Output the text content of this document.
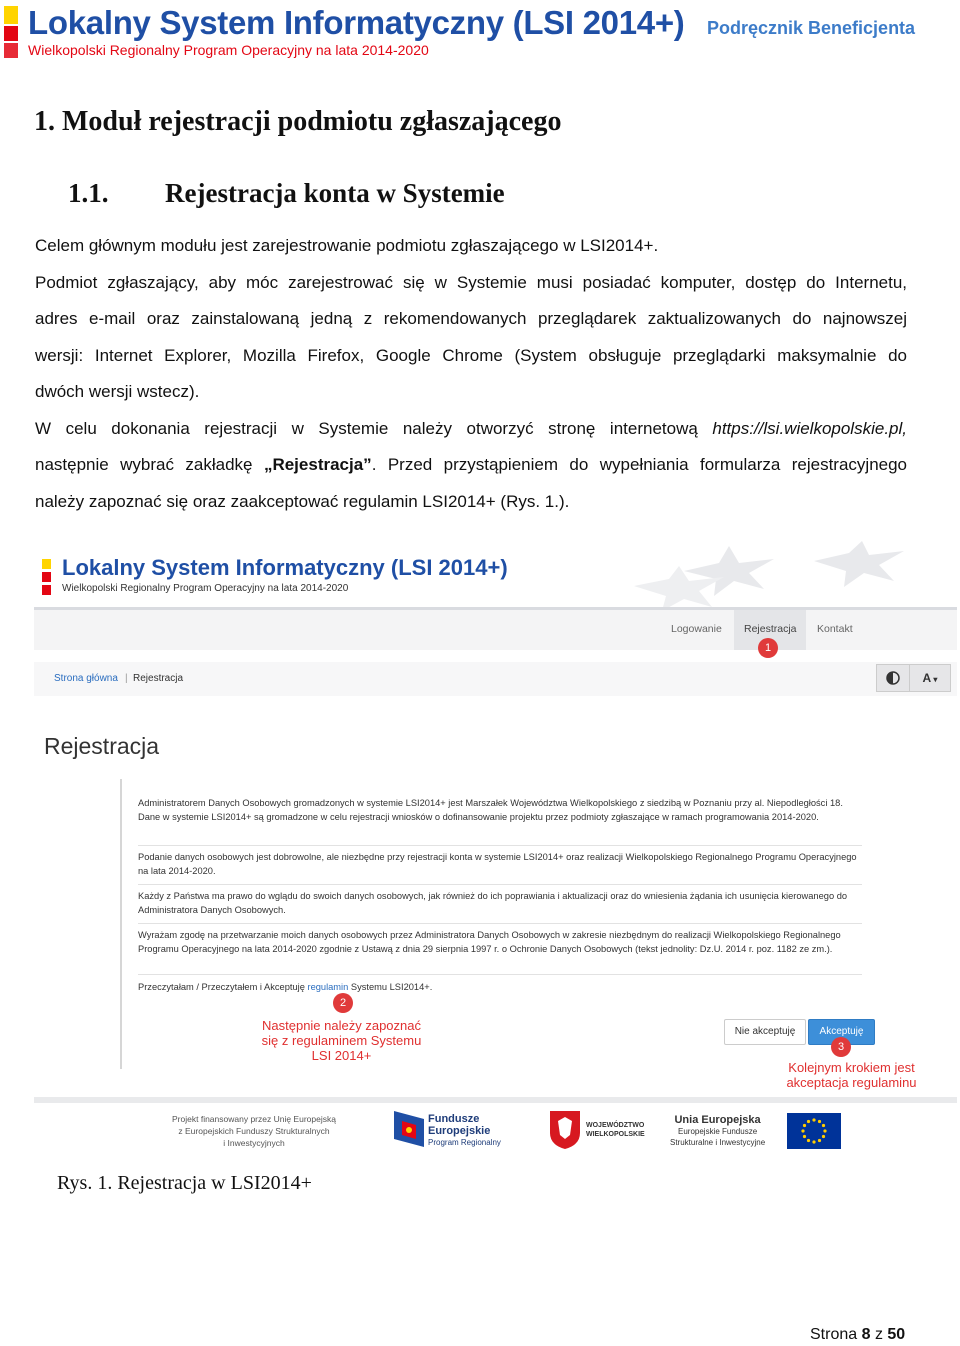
Lokalny System Informatyczny (LSI 2014+)
Wielkopolski Regionalny Program Operacyjny na lata 2014-2020
Podręcznik Beneficjenta
1. Moduł rejestracji podmiotu zgłaszającego
1.1. Rejestracja konta w Systemie
Celem głównym modułu jest zarejestrowanie podmiotu zgłaszającego w LSI2014+.
Podmiot zgłaszający, aby móc zarejestrować się w Systemie musi posiadać komputer, dostęp do Internetu,
adres e-mail oraz zainstalowaną jedną z rekomendowanych przeglądarek zaktualizowanych do najnowszej
wersji: Internet Explorer, Mozilla Firefox, Google Chrome (System obsługuje przeglądarki maksymalnie do
dwóch wersji wstecz).
W celu dokonania rejestracji w Systemie należy otworzyć stronę internetową https://lsi.wielkopolskie.pl,
następnie wybrać zakładkę „Rejestracja”. Przed przystąpieniem do wypełniania formularza rejestracyjnego
należy zapoznać się oraz zaakceptować regulamin LSI2014+ (Rys. 1.).
Lokalny System Informatyczny (LSI 2014+)
Wielkopolski Regionalny Program Operacyjny na lata 2014-2020
Logowanie Rejestracja Kontakt
1
Strona główna | Rejestracja	A ▾
Rejestracja
Administratorem Danych Osobowych gromadzonych w systemie LSI2014+ jest Marszałek Województwa Wielkopolskiego z siedzibą w Poznaniu przy al. Niepodległości 18. Dane w systemie LSI2014+ są gromadzone w celu rejestracji wniosków o dofinansowanie projektu przez podmioty zgłaszające w ramach programowania 2014-2020.
Podanie danych osobowych jest dobrowolne, ale niezbędne przy rejestracji konta w systemie LSI2014+ oraz realizacji Wielkopolskiego Regionalnego Programu Operacyjnego na lata 2014-2020.
Każdy z Państwa ma prawo do wglądu do swoich danych osobowych, jak również do ich poprawiania i aktualizacji oraz do wniesienia żądania ich usunięcia kierowanego do Administratora Danych Osobowych.
Wyrażam zgodę na przetwarzanie moich danych osobowych przez Administratora Danych Osobowych w zakresie niezbędnym do realizacji Wielkopolskiego Regionalnego Programu Operacyjnego na lata 2014-2020 zgodnie z Ustawą z dnia 29 sierpnia 1997 r. o Ochronie Danych Osobowych (tekst jednolity: Dz.U. 2014 r. poz. 1182 ze zm.).
Przeczytałam / Przeczytałem i Akceptuję regulamin Systemu LSI2014+.
2
Następnie należy zapoznać
się z regulaminem Systemu
LSI 2014+
Nie akceptuję	Akceptuję
3
Kolejnym krokiem jest
akceptacja regulaminu
Projekt finansowany przez Unię Europejską
z Europejskich Funduszy Strukturalnych
i Inwestycyjnych
Fundusze
Europejskie
Program Regionalny
WOJEWÓDZTWO
WIELKOPOLSKIE
Unia Europejska
Europejskie Fundusze
Strukturalne i Inwestycyjne
Rys. 1. Rejestracja w LSI2014+
Strona 8 z 50
